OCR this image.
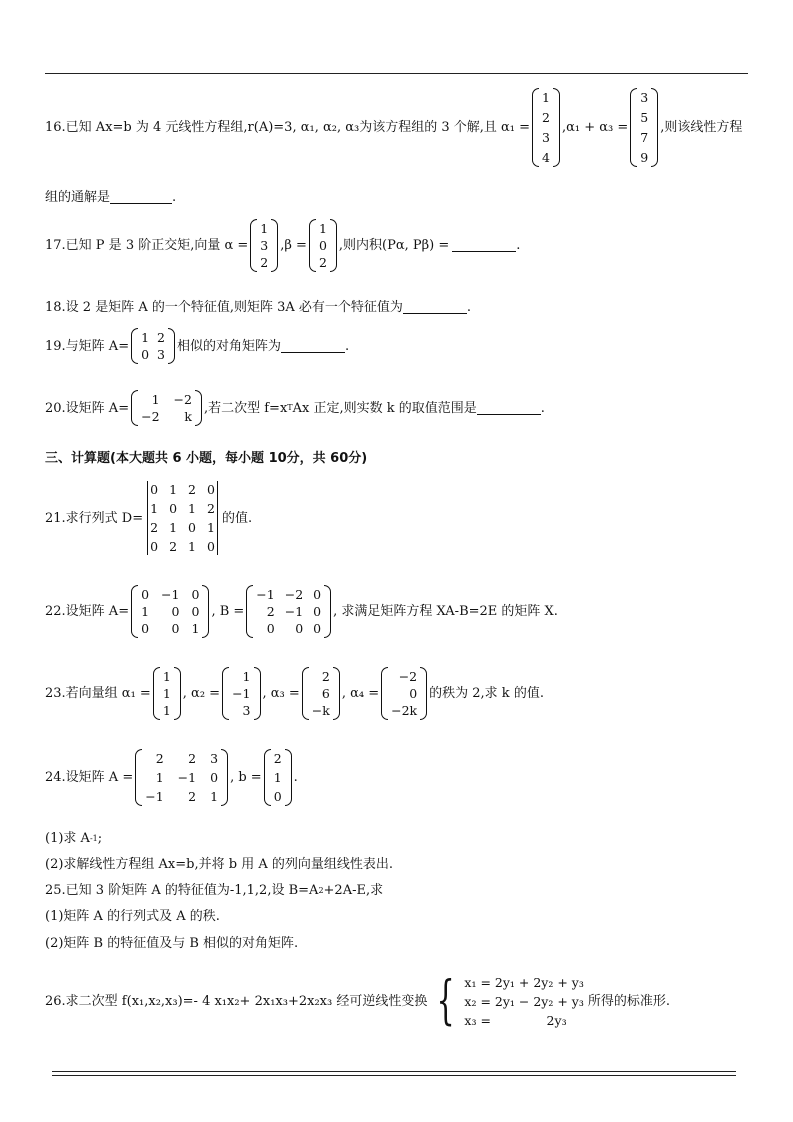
16.已知 Ax=b 为 4 元线性方程组,r(A)=3, α₁, α₂, α₃为该方程组的 3 个解,且 α₁ =
1
2
3
4
,α₁ + α₃ =
3
5
7
9
,则该线性方程
组的通解是	.
17.已知 P 是 3 阶正交矩,向量 α =
1
3
2
,β =
1
0
2
,则内积(Pα, Pβ) =	.
18.设 2 是矩阵 A 的一个特征值,则矩阵 3A 必有一个特征值为	.
19.与矩阵 A=
1 2
0 3
相似的对角矩阵为	.
20.设矩阵 A=
1 −2
−2 k
,若二次型 f=x T Ax 正定,则实数 k 的取值范围是	.
三、计算题(本大题共 6 小题，每小题 10分，共 60分)
21.求行列式 D=
0 1 2 0
1 0 1 2
2 1 0 1
0 2 1 0
的值.
22.设矩阵 A=
0 −1 0
1 0 0
0 0 1
, B =
−1 −2 0
2 −1 0
0 0 0
, 求满足矩阵方程 XA-B=2E 的矩阵 X.
23.若向量组 α₁ =
1
1
1
, α₂ =
1
−1
3
, α₃ =
2
6
−k
, α₄ =
−2
0
−2k
的秩为 2,求 k 的值.
24.设矩阵 A =
2 2 3
1 −1 0
−1 2 1
, b =
2
1
0
.
(1)求 A -1 ;
(2)求解线性方程组 Ax=b,并将 b 用 A 的列向量组线性表出.
25.已知 3 阶矩阵 A 的特征值为-1,1,2,设 B=A 2 +2A-E,求
(1)矩阵 A 的行列式及 A 的秩.
(2)矩阵 B 的特征值及与 B 相似的对角矩阵.
26.求二次型 f(x₁,x₂,x₃)=- 4 x₁x₂+ 2x₁x₃+2x₂x₃ 经可逆线性变换 { x₁ = 2y₁ + 2y₂ + y₃
x₂ = 2y₁ − 2y₂ + y₃
x₃ =              2y₃
所得的标准形.
